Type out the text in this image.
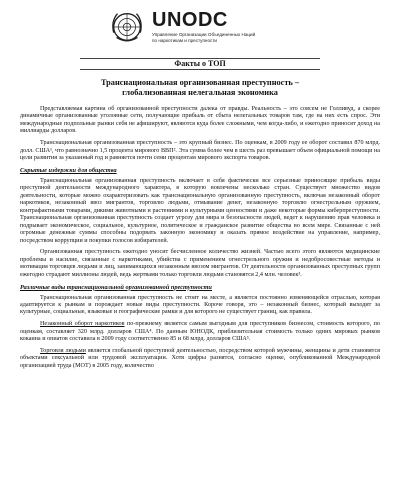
UNODC
Управление Организации Объединенных Наций
по наркотикам и преступности
Факты о ТОП
Транснациональная организованная преступность –
глобализованная нелегальная экономика

Представляемая картина об организованной преступности далека от правды. Реальность – это совсем не Голливуд, а скорее динамичные организованные уголовные сети, получающие прибыль от сбыта нелегальных товаров там, где на них есть спрос. Эти международные подпольные рынки себя не афишируют, являются куда более сложными, чем когда-либо, и ежегодно приносят доход на миллиарды долларов.

Транснациональная организованная преступность – это крупный бизнес. По оценкам, в 2009 году ее оборот составил 870 млрд. долл. США¹, что равнозначно 1,5 процента мирового ВВП². Эта сумма более чем в шесть раз превышает объем официальной помощи на цели развития за указанный год и равняется почти семи процентам мирового экспорта товаров.

Скрытые издержки для общества

Транснациональная организованная преступность включает в себя фактически все серьезные приносящие прибыль виды преступной деятельности международного характера, в которую вовлечены несколько стран. Существует множество видов деятельности, которые можно охарактеризовать как транснациональную организованную преступность, включая незаконный оборот наркотиков, незаконный ввоз мигрантов, торговлю людьми, отмывание денег, незаконную торговлю огнестрельным оружием, контрафактными товарами, дикими животными и растениями и культурными ценностями и даже некоторые формы киберпреступности. Транснациональная организованная преступность создает угрозу для мира и безопасности людей, ведет к нарушению прав человека и подрывает экономическое, социальное, культурное, политическое и гражданское развитие общества во всем мире. Связанные с ней огромные денежные суммы способны подорвать законную экономику и оказать прямое воздействие на управление, например, посредством коррупции и покупки голосов избирателей.

Организованная преступность ежегодно уносит бесчисленное количество жизней. Частью всего этого являются медицинские проблемы и насилие, связанные с наркотиками, убийства с применением огнестрельного оружия и недобросовестные методы и мотивация торговцев людьми и лиц, занимающихся незаконным ввозом мигрантов. От деятельности организованных преступных групп ежегодно страдают миллионы людей, ведь жертвами только торговли людьми становятся 2,4 млн. человек³.

Различные виды транснациональной организованной преступности

Транснациональная организованная преступность не стоит на месте, а является постоянно изменяющейся отраслью, которая адаптируется к рынкам и порождает новые виды преступности. Короче говоря, это – незаконный бизнес, который выходит за культурные, социальные, языковые и географические рамки и для которого не существует границ, как правила.

Незаконный оборот наркотиков по-прежнему является самым выгодным для преступников бизнесом, стоимость которого, по оценкам, составляет 320 млрд. долларов США⁴. По данным ЮНОДК, приблизительная стоимость только одних мировых рынков кокаина и опиатов составила в 2009 году соответственно 85 и 68 млрд. долларов США⁵.

Торговля людьми является глобальной преступной деятельностью, посредством которой мужчины, женщины и дети становятся объектами сексуальной или трудовой эксплуатации. Хотя цифры разнятся, согласно оценке, опубликованной Международной организацией труда (МОТ) в 2005 году, количество
